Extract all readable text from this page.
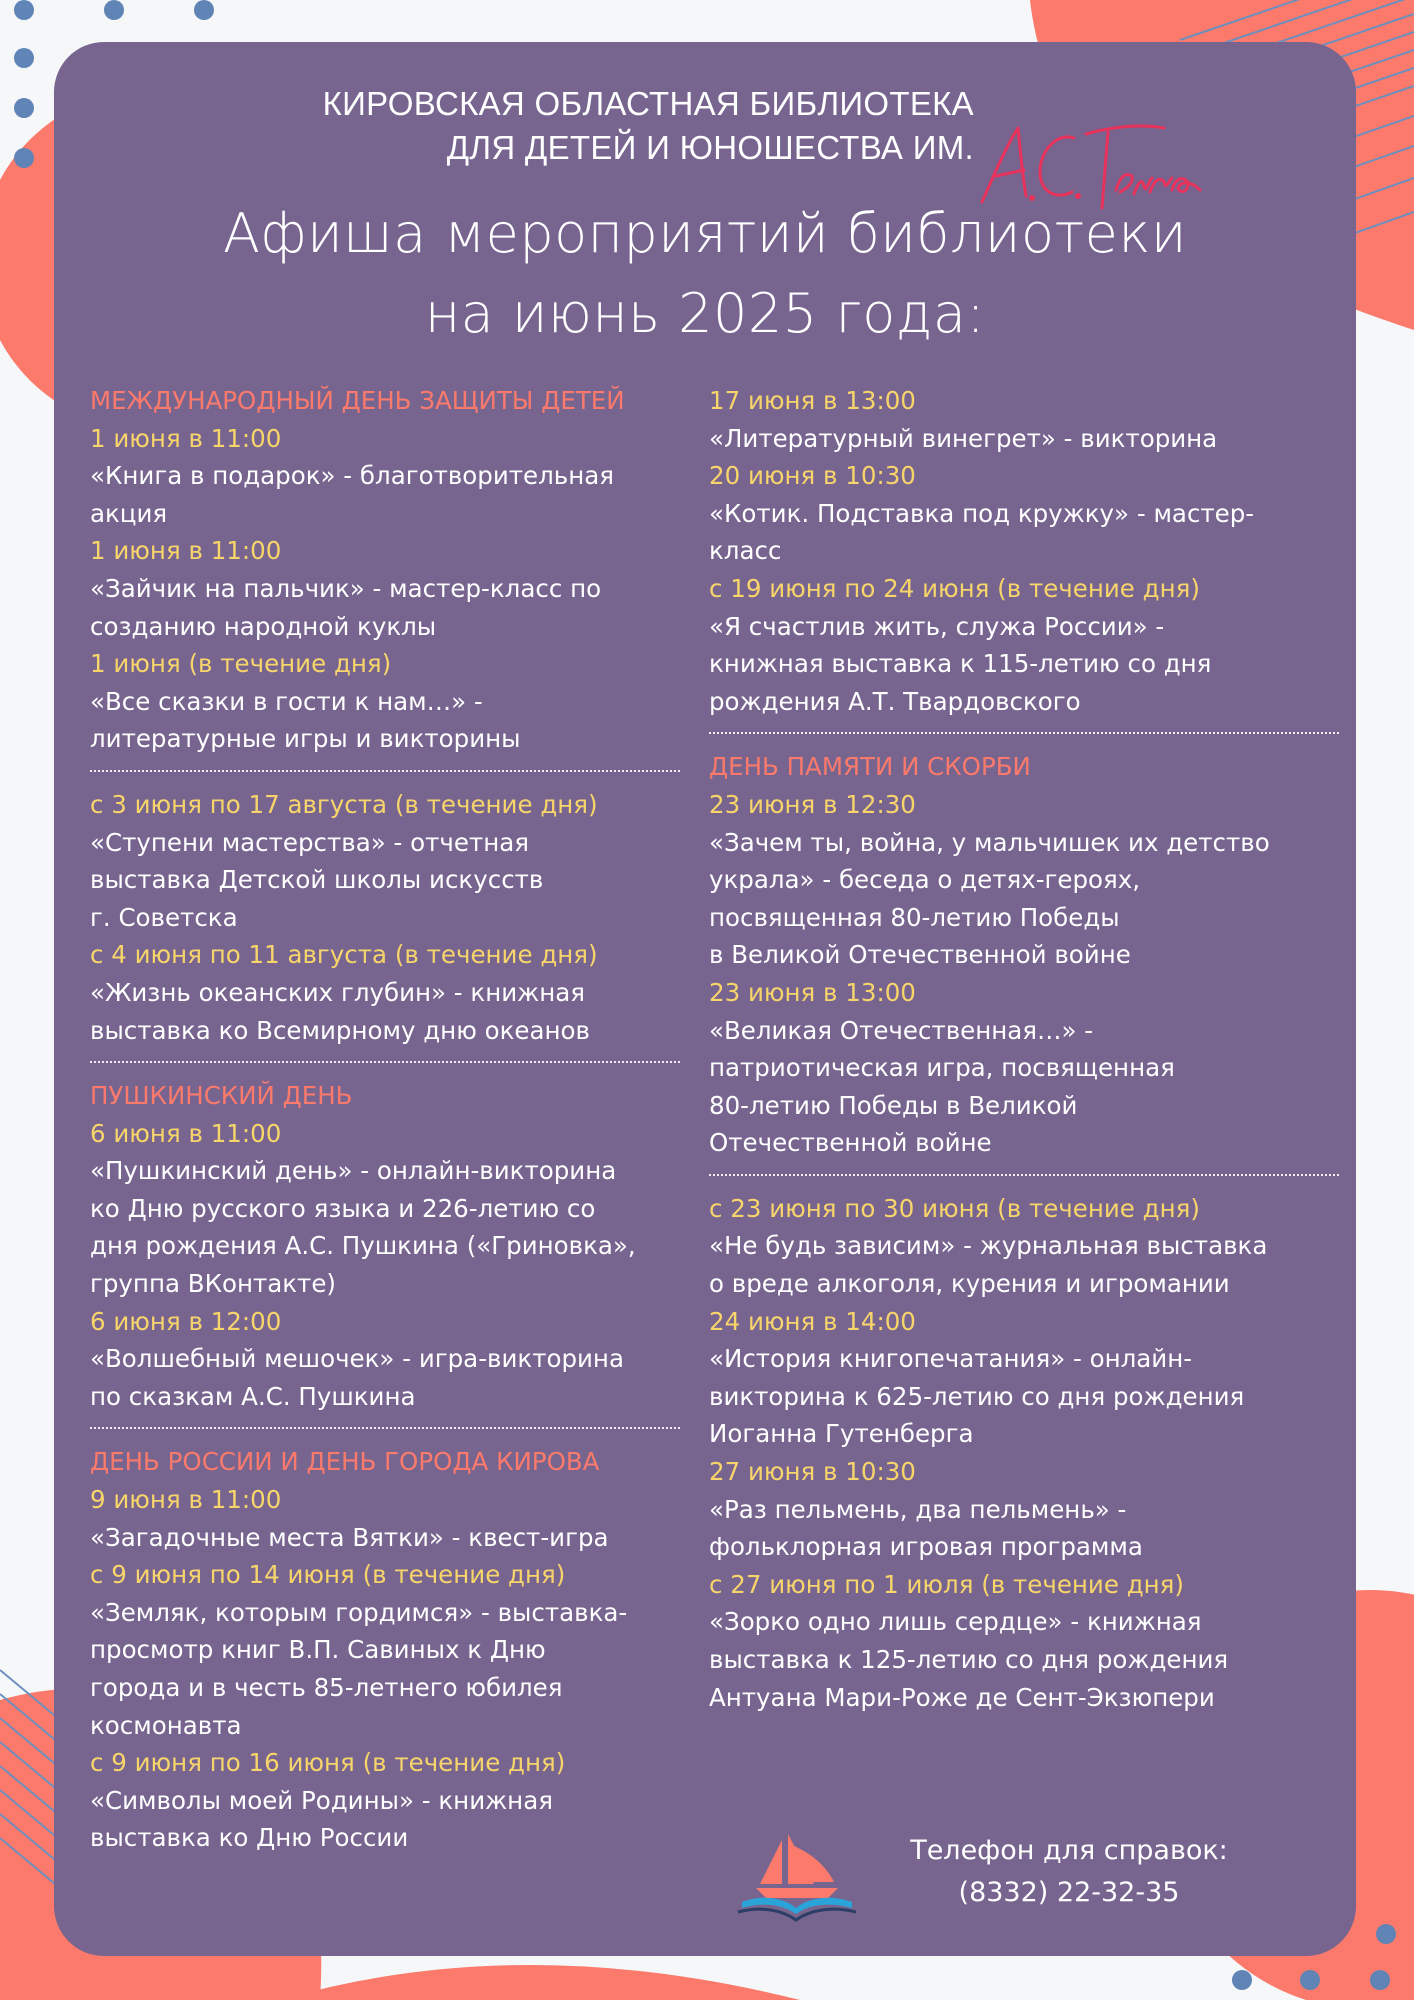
КИРОВСКАЯ ОБЛАСТНАЯ БИБЛИОТЕКА
ДЛЯ ДЕТЕЙ И ЮНОШЕСТВА ИМ.
Афиша мероприятий библиотеки
на июнь 2025 года:
МЕЖДУНАРОДНЫЙ ДЕНЬ ЗАЩИТЫ ДЕТЕЙ
1 июня в 11:00
«Книга в подарок» - благотворительная
акция
1 июня в 11:00
«Зайчик на пальчик» - мастер-класс по
созданию народной куклы
1 июня (в течение дня)
«Все сказки в гости к нам…» -
литературные игры и викторины
с 3 июня по 17 августа (в течение дня)
«Ступени мастерства» - отчетная
выставка Детской школы искусств
г. Советска
с 4 июня по 11 августа (в течение дня)
«Жизнь океанских глубин» - книжная
выставка ко Всемирному дню океанов
ПУШКИНСКИЙ ДЕНЬ
6 июня в 11:00
«Пушкинский день» - онлайн-викторина
ко Дню русского языка и 226-летию со
дня рождения А.С. Пушкина («Гриновка»,
группа ВКонтакте)
6 июня в 12:00
«Волшебный мешочек» - игра-викторина
по сказкам А.С. Пушкина
ДЕНЬ РОССИИ И ДЕНЬ ГОРОДА КИРОВА
9 июня в 11:00
«Загадочные места Вятки» - квест-игра
с 9 июня по 14 июня (в течение дня)
«Земляк, которым гордимся» - выставка-
просмотр книг В.П. Савиных к Дню
города и в честь 85-летнего юбилея
космонавта
с 9 июня по 16 июня (в течение дня)
«Символы моей Родины» - книжная
выставка ко Дню России
17 июня в 13:00
«Литературный винегрет» - викторина
20 июня в 10:30
«Котик. Подставка под кружку» - мастер-
класс
с 19 июня по 24 июня (в течение дня)
«Я счастлив жить, служа России» -
книжная выставка к 115-летию со дня
рождения А.Т. Твардовского
ДЕНЬ ПАМЯТИ И СКОРБИ
23 июня в 12:30
«Зачем ты, война, у мальчишек их детство
украла» - беседа о детях-героях,
посвященная 80-летию Победы
в Великой Отечественной войне
23 июня в 13:00
«Великая Отечественная…» -
патриотическая игра, посвященная
80-летию Победы в Великой
Отечественной войне
с 23 июня по 30 июня (в течение дня)
«Не будь зависим» - журнальная выставка
о вреде алкоголя, курения и игромании
24 июня в 14:00
«История книгопечатания» - онлайн-
викторина к 625-летию со дня рождения
Иоганна Гутенберга
27 июня в 10:30
«Раз пельмень, два пельмень» -
фольклорная игровая программа
с 27 июня по 1 июля (в течение дня)
«Зорко одно лишь сердце» - книжная
выставка к 125-летию со дня рождения
Антуана Мари-Роже де Сент-Экзюпери
Телефон для справок:
(8332) 22-32-35
